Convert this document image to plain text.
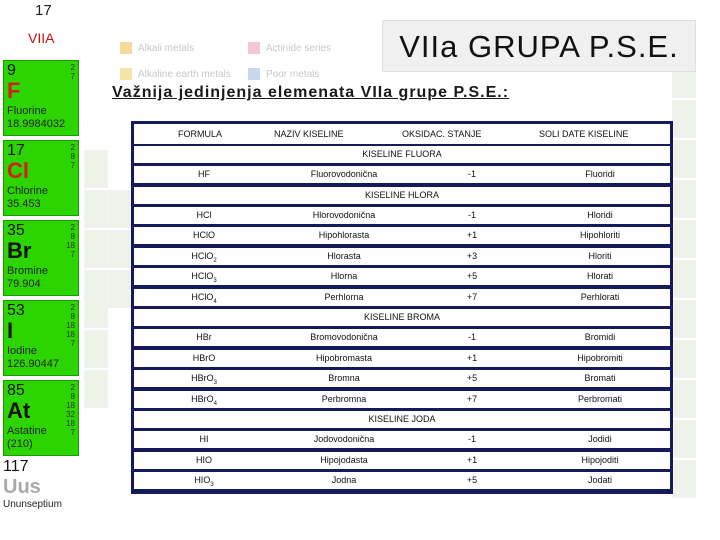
Alkali metals	Actinide series
Alkaline earth metals	Poor metals
17
VIIA
9
F
Fluorine
18.9984032
2
7
17
Cl
Chlorine
35.453
2
8
7
35
Br
Bromine
79.904
2
8
18
7
53
I
Iodine
126.90447
2
8
18
18
7
85
At
Astatine
(210)
2
8
18
32
18
7
117
Uus
Ununseptium
VIIa GRUPA P.S.E.
Važnija jedinjenja elemenata VIIa grupe P.S.E.:
FORMULA	NAZIV KISELINE	OKSIDAC. STANJE	SOLI DATE KISELINE
KISELINE FLUORA
HF	Fluorovodonična	-1	Fluoridi
KISELINE HLORA
HCl	Hlorovodonična	-1	Hloridi
HClO	Hipohlorasta	+1	Hipohloriti
HClO$_2$	Hlorasta	+3	Hloriti
HClO$_3$	Hlorna	+5	Hlorati
HClO$_4$	Perhlorna	+7	Perhlorati
KISELINE BROMA
HBr	Bromovodonična	-1	Bromidi
HBrO	Hipobromasta	+1	Hipobromiti
HBrO$_3$	Bromna	+5	Bromati
HBrO$_4$	Perbromna	+7	Perbromati
KISELINE JODA
HI	Jodovodonična	-1	Jodidi
HIO	Hipojodasta	+1	Hipojoditi
$HIO_3$	Jodna	+5	Jodati
